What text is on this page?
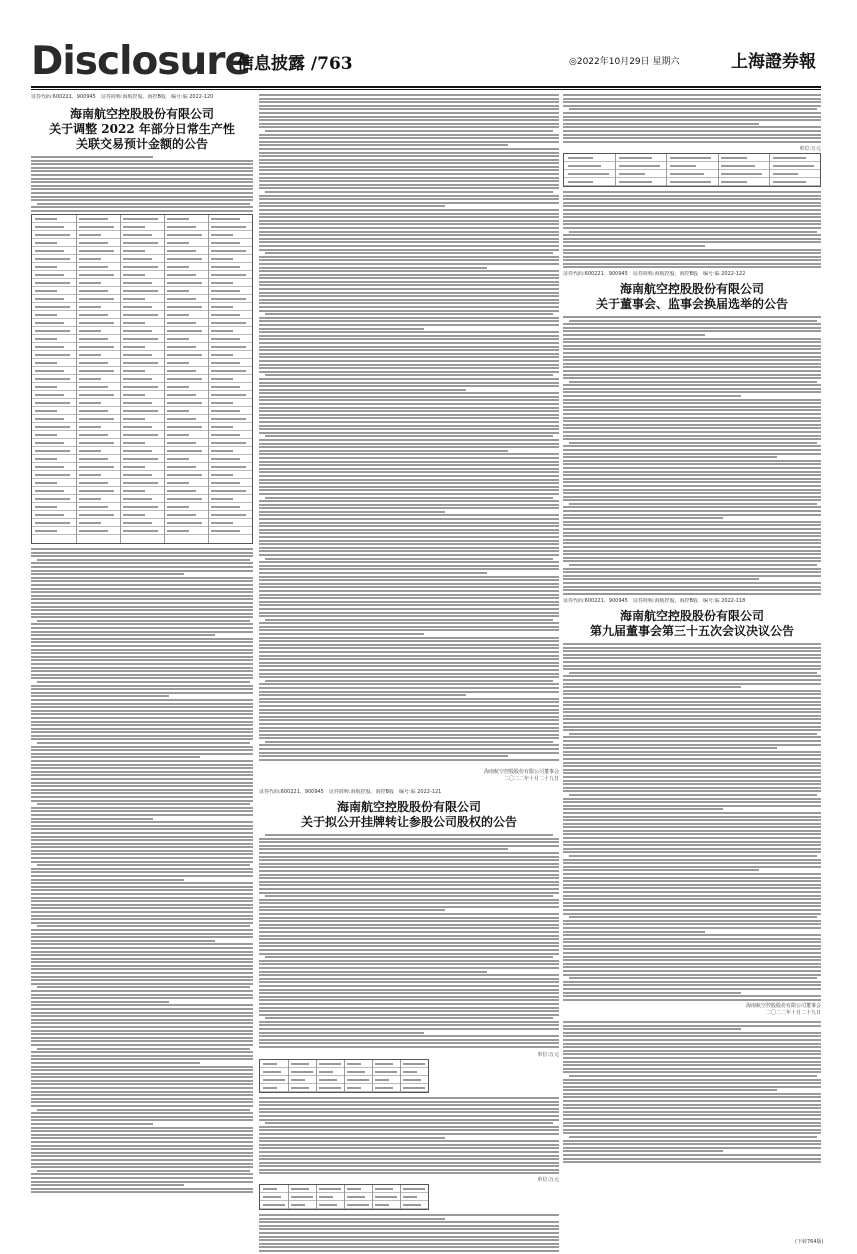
Disclosure
信息披露 /763	◎2022年10月29日 星期六	上海證券報
证券代码:600221、900945　证券简称:海航控股、海控B股　编号:临 2022-120
海南航空控股股份有限公司
关于调整 2022 年部分日常生产性
关联交易预计金额的公告
海南航空控股股份有限公司董事会
二〇二二年十月二十九日
证券代码:600221、900945　证券简称:海航控股、海控B股　编号:临 2022-121
海南航空控股股份有限公司
关于拟公开挂牌转让参股公司股权的公告
单位:万元
单位:万元
单位:万元
证券代码:600221、900945　证券简称:海航控股、海控B股　编号:临 2022-122
海南航空控股股份有限公司
关于董事会、监事会换届选举的公告
证券代码:600221、900945　证券简称:海航控股、海控B股　编号:临 2022-118
海南航空控股股份有限公司
第九届董事会第三十五次会议决议公告
海南航空控股股份有限公司董事会
二〇二二年十月二十九日
(下转764版)
